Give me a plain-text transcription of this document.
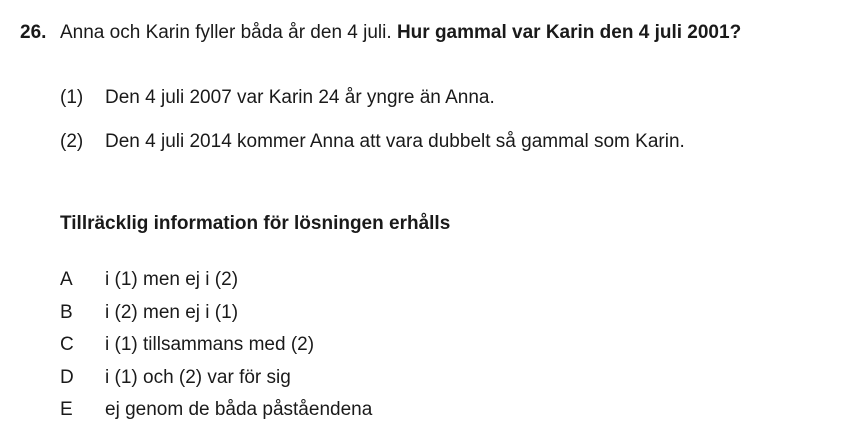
26. Anna och Karin fyller båda år den 4 juli. Hur gammal var Karin den 4 juli 2001?
(1) Den 4 juli 2007 var Karin 24 år yngre än Anna.
(2) Den 4 juli 2014 kommer Anna att vara dubbelt så gammal som Karin.
Tillräcklig information för lösningen erhålls
A i (1) men ej i (2)
B i (2) men ej i (1)
C i (1) tillsammans med (2)
D i (1) och (2) var för sig
E ej genom de båda påståendena
